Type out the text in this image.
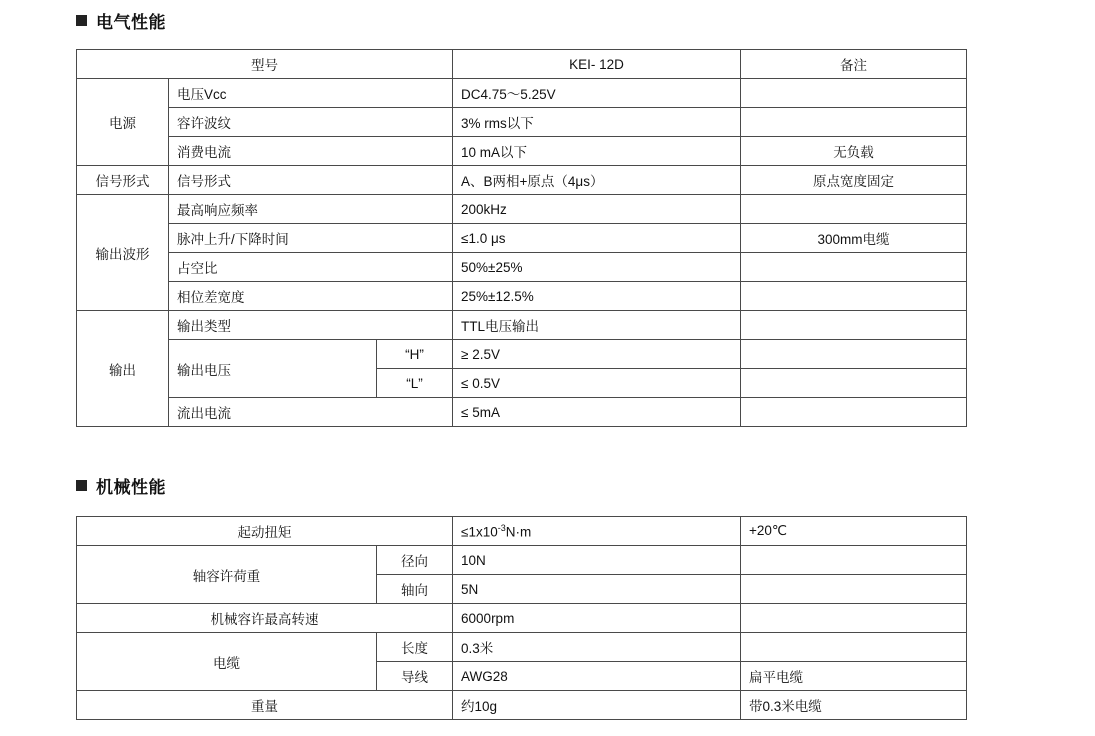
电气性能
型号			KEI- 12D	备注
电源	电压Vcc		DC4.75～5.25V	
	容许波纹		3% rms以下	
	消费电流		10 mA以下	无负载
信号形式	信号形式		A、B两相+原点（4μs）	原点宽度固定
输出波形	最高响应频率		200kHz	
	脉冲上升/下降时间		≤1.0 μs	300mm电缆
	占空比		50%±25%	
	相位差宽度		25%±12.5%	
输出	输出类型		TTL电压输出	
	输出电压	“H”	≥ 2.5V	
		“L”	≤ 0.5V	
	流出电流		≤ 5mA	
机械性能
起动扭矩		$\le 1x10^{-3}N\cdot m$	+20℃
轴容许荷重	径向	10N	
	轴向	5N	
机械容许最高转速		6000rpm	
电缆	长度	0.3米	
	导线	AWG28	扁平电缆
重量		约10g	带0.3米电缆
